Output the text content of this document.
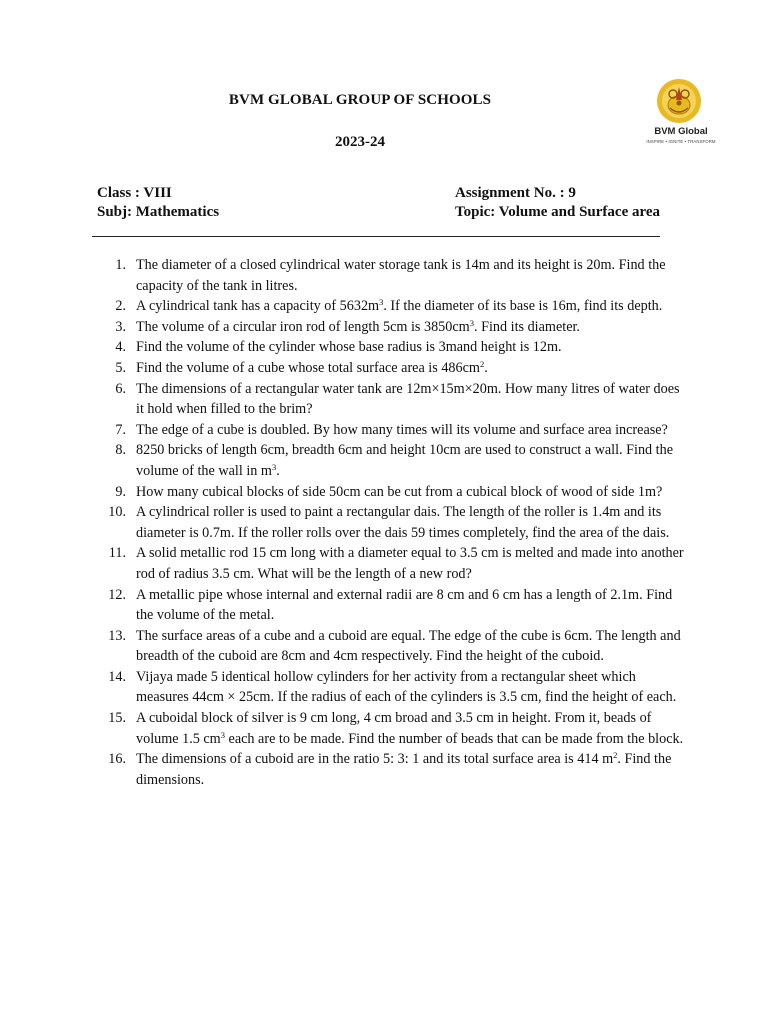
BVM GLOBAL GROUP OF SCHOOLS
2023-24
BVM Global
INSPIRE • IGNITE • TRANSFORM
Class : VIII
Subj: Mathematics
Assignment No. : 9
Topic: Volume and Surface area
1. The diameter of a closed cylindrical water storage tank is 14m and its height is 20m. Find the capacity of the tank in litres.
2. A cylindrical tank has a capacity of $5632m^3$. If the diameter of its base is 16m, find its depth.
3. The volume of a circular iron rod of length 5cm is $3850cm^3$. Find its diameter.
4. Find the volume of the cylinder whose base radius is 3mand height is 12m.
5. Find the volume of a cube whose total surface area is $486cm^2$.
6. The dimensions of a rectangular water tank are 12m×15m×20m. How many litres of water does it hold when filled to the brim?
7. The edge of a cube is doubled. By how many times will its volume and surface area increase?
8. 8250 bricks of length 6cm, breadth 6cm and height 10cm are used to construct a wall. Find the volume of the wall in $m^3$.
9. How many cubical blocks of side 50cm can be cut from a cubical block of wood of side 1m?
10. A cylindrical roller is used to paint a rectangular dais. The length of the roller is 1.4m and its diameter is 0.7m. If the roller rolls over the dais 59 times completely, find the area of the dais.
11. A solid metallic rod 15 cm long with a diameter equal to 3.5 cm is melted and made into another rod of radius 3.5 cm. What will be the length of a new rod?
12. A metallic pipe whose internal and external radii are 8 cm and 6 cm has a length of 2.1m. Find the volume of the metal.
13. The surface areas of a cube and a cuboid are equal. The edge of the cube is 6cm. The length and breadth of the cuboid are 8cm and 4cm respectively. Find the height of the cuboid.
14. Vijaya made 5 identical hollow cylinders for her activity from a rectangular sheet which measures 44cm × 25cm. If the radius of each of the cylinders is 3.5 cm, find the height of each.
15. A cuboidal block of silver is 9 cm long, 4 cm broad and 3.5 cm in height. From it, beads of volume 1.5 $cm^3$ each are to be made. Find the number of beads that can be made from the block.
16. The dimensions of a cuboid are in the ratio 5: 3: 1 and its total surface area is 414 $m^2$. Find the dimensions.
